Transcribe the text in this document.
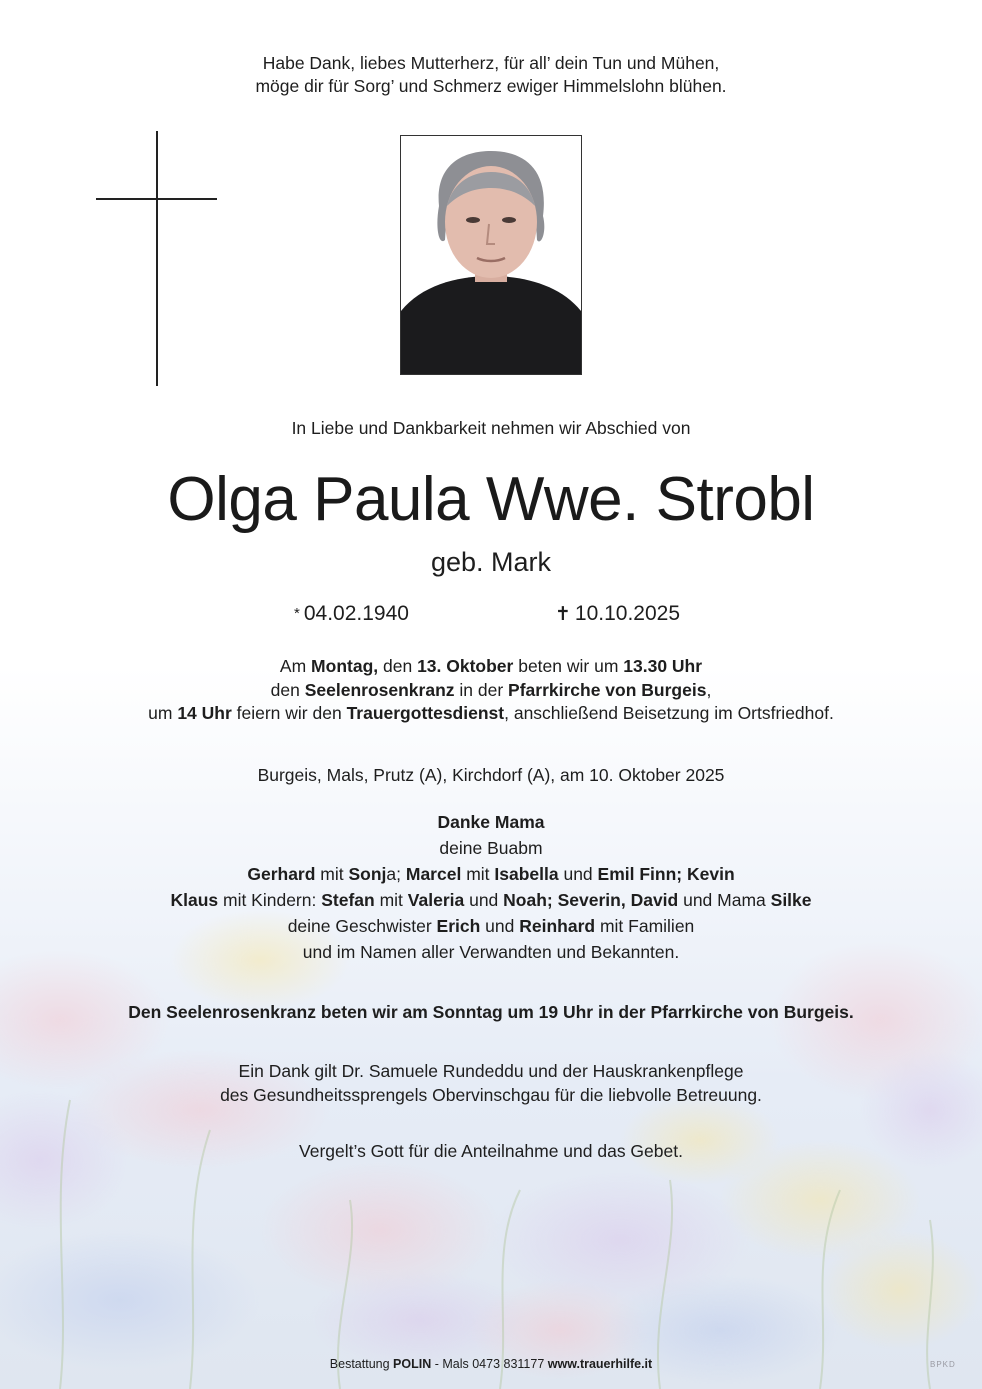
Habe Dank, liebes Mutterherz, für all’ dein Tun und Mühen,
möge dir für Sorg’ und Schmerz ewiger Himmelslohn blühen.
In Liebe und Dankbarkeit nehmen wir Abschied von
Olga Paula Wwe. Strobl
geb. Mark
* 04.02.1940	✝ 10.10.2025
Am Montag, den 13. Oktober beten wir um 13.30 Uhr
den Seelenrosenkranz in der Pfarrkirche von Burgeis,
um 14 Uhr feiern wir den Trauergottesdienst, anschließend Beisetzung im Ortsfriedhof.
Burgeis, Mals, Prutz (A), Kirchdorf (A), am 10. Oktober 2025
Danke Mama
deine Buabm
Gerhard mit Sonja; Marcel mit Isabella und Emil Finn; Kevin
Klaus mit Kindern: Stefan mit Valeria und Noah; Severin, David und Mama Silke
deine Geschwister Erich und Reinhard mit Familien
und im Namen aller Verwandten und Bekannten.
Den Seelenrosenkranz beten wir am Sonntag um 19 Uhr in der Pfarrkirche von Burgeis.
Ein Dank gilt Dr. Samuele Rundeddu und der Hauskrankenpflege
des Gesundheitssprengels Obervinschgau für die liebvolle Betreuung.
Vergelt’s Gott für die Anteilnahme und das Gebet.
Bestattung POLIN - Mals 0473 831177 www.trauerhilfe.it	BPKD
